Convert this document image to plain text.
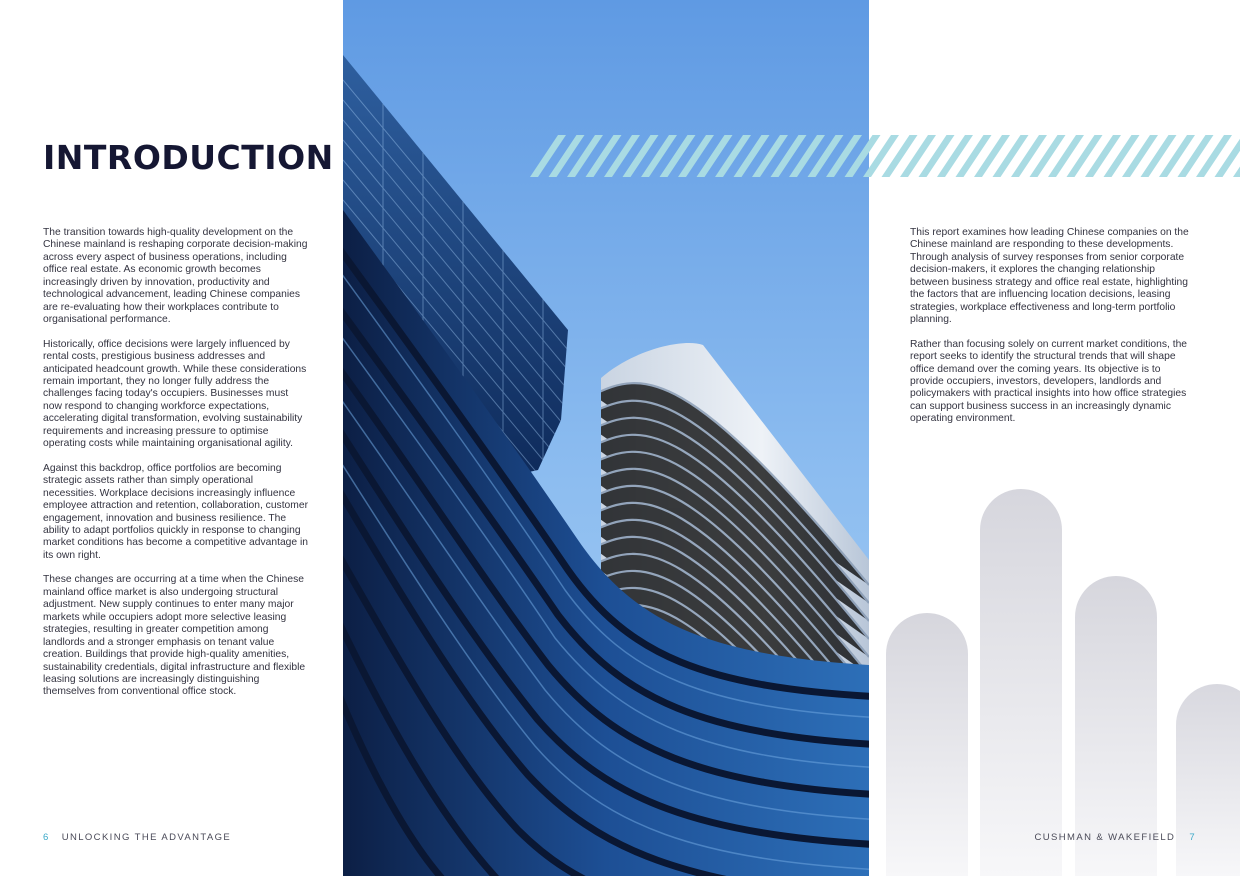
INTRODUCTION

The transition towards high-quality development on the Chinese mainland is reshaping corporate decision-making across every aspect of business operations, including office real estate. As economic growth becomes increasingly driven by innovation, productivity and technological advancement, leading Chinese companies are re-evaluating how their workplaces contribute to organisational performance.

Historically, office decisions were largely influenced by rental costs, prestigious business addresses and anticipated headcount growth. While these considerations remain important, they no longer fully address the challenges facing today's occupiers. Businesses must now respond to changing workforce expectations, accelerating digital transformation, evolving sustainability requirements and increasing pressure to optimise operating costs while maintaining organisational agility.

Against this backdrop, office portfolios are becoming strategic assets rather than simply operational necessities. Workplace decisions increasingly influence employee attraction and retention, collaboration, customer engagement, innovation and business resilience. The ability to adapt portfolios quickly in response to changing market conditions has become a competitive advantage in its own right.

These changes are occurring at a time when the Chinese mainland office market is also undergoing structural adjustment. New supply continues to enter many major markets while occupiers adopt more selective leasing strategies, resulting in greater competition among landlords and a stronger emphasis on tenant value creation. Buildings that provide high-quality amenities, sustainability credentials, digital infrastructure and flexible leasing solutions are increasingly distinguishing themselves from conventional office stock.

This report examines how leading Chinese companies on the Chinese mainland are responding to these developments. Through analysis of survey responses from senior corporate decision-makers, it explores the changing relationship between business strategy and office real estate, highlighting the factors that are influencing location decisions, leasing strategies, workplace effectiveness and long-term portfolio planning.

Rather than focusing solely on current market conditions, the report seeks to identify the structural trends that will shape office demand over the coming years. Its objective is to provide occupiers, investors, developers, landlords and policymakers with practical insights into how office strategies can support business success in an increasingly dynamic operating environment.

6 UNLOCKING THE ADVANTAGE	CUSHMAN & WAKEFIELD 7
